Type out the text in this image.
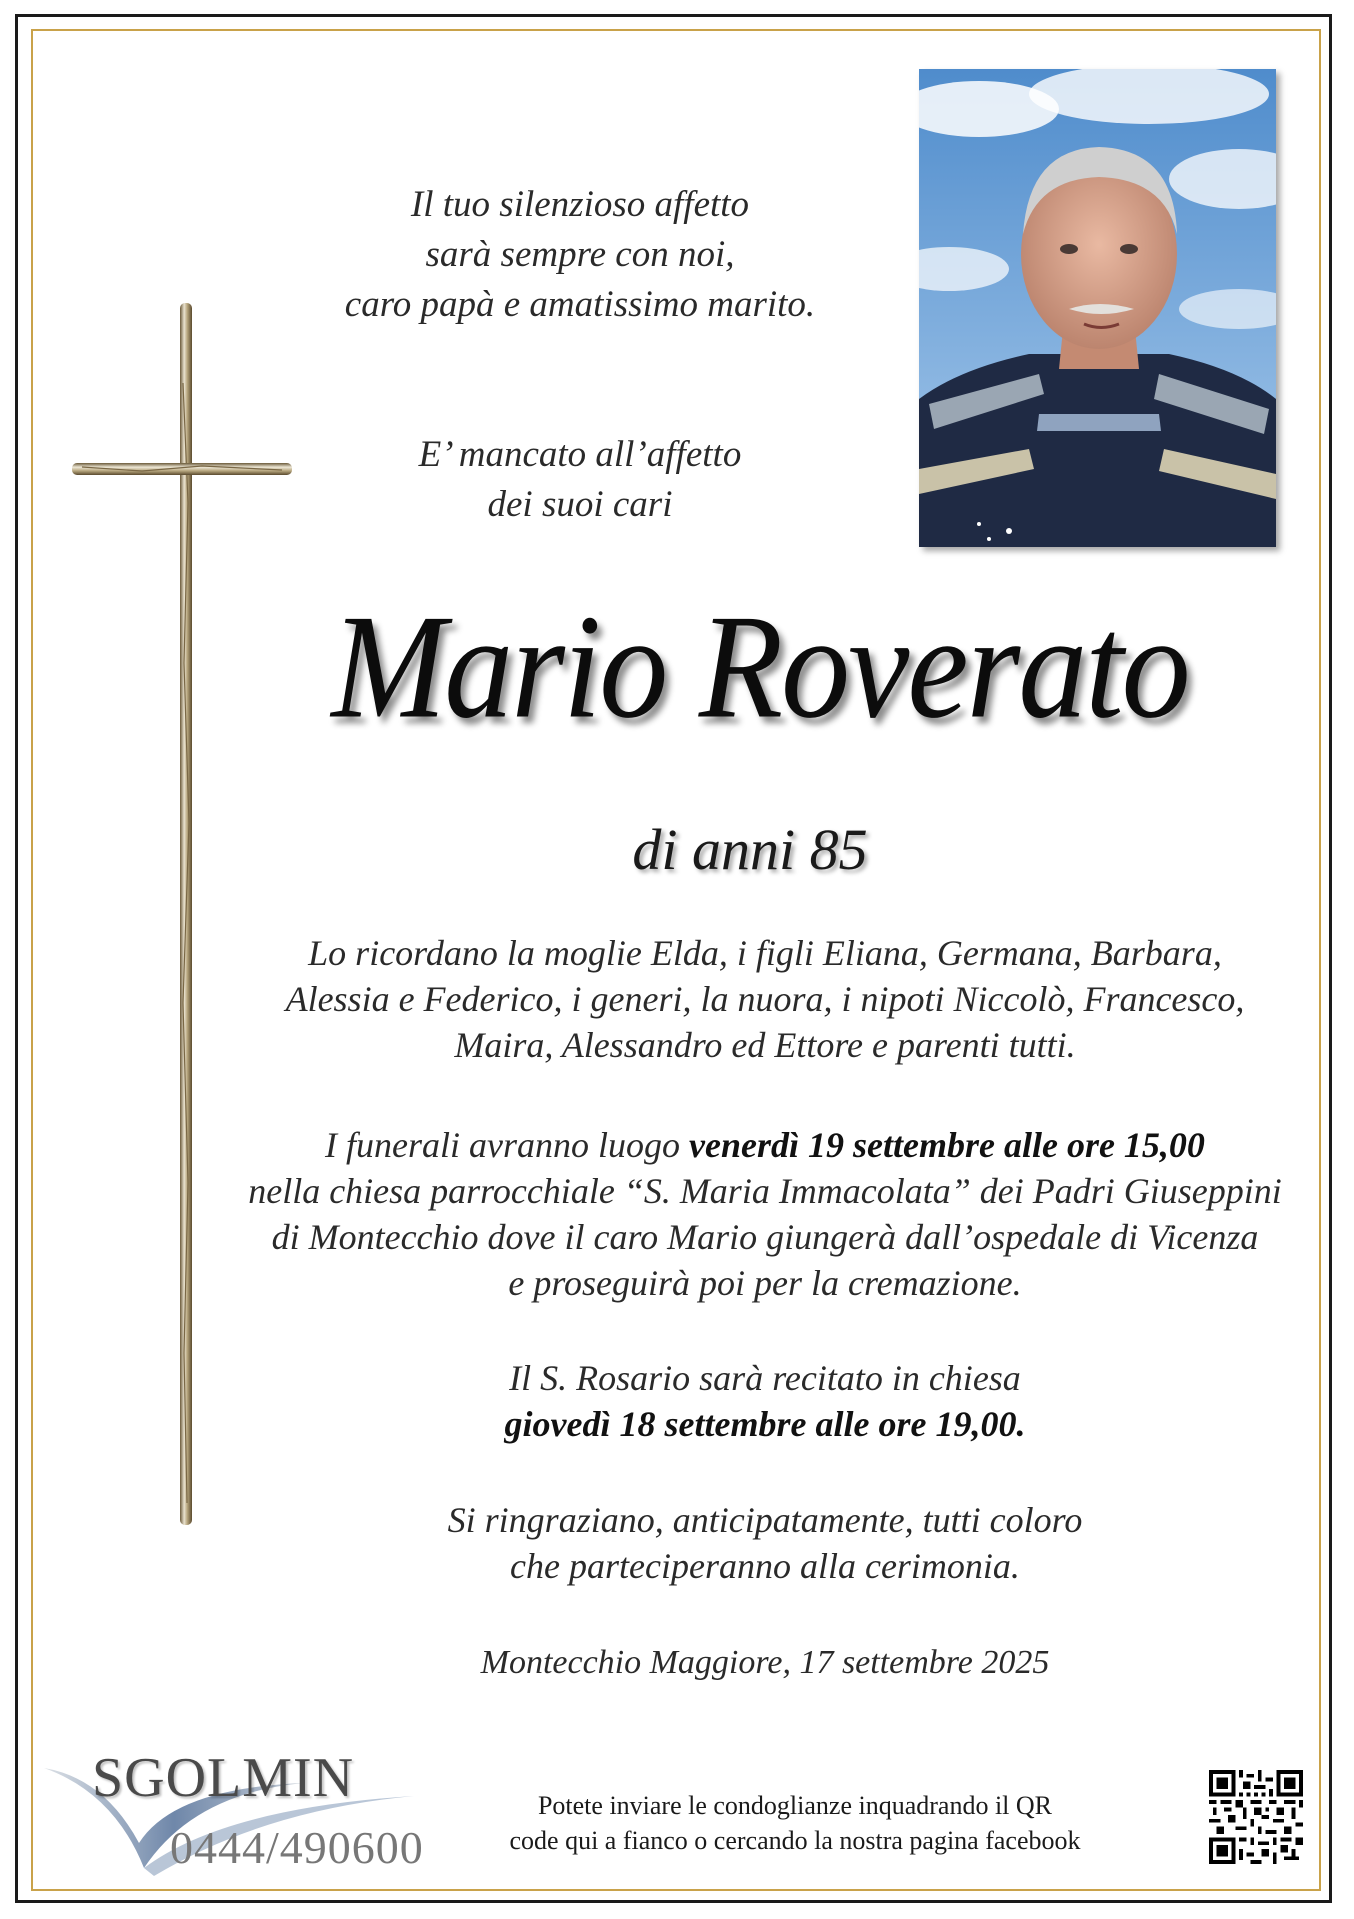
Il tuo silenzioso affetto

sarà sempre con noi,

caro papà e amatissimo marito.

E’ mancato all’affetto

dei suoi cari

Mario Roverato
di anni 85

Lo ricordano la moglie Elda, i figli Eliana, Germana, Barbara,

Alessia e Federico, i generi, la nuora, i nipoti Niccolò, Francesco,

Maira, Alessandro ed Ettore e parenti tutti.

I funerali avranno luogo venerdì 19 settembre alle ore 15,00

nella chiesa parrocchiale “S. Maria Immacolata” dei Padri Giuseppini

di Montecchio dove il caro Mario giungerà dall’ospedale di Vicenza

e proseguirà poi per la cremazione.

Il S. Rosario sarà recitato in chiesa

giovedì 18 settembre alle ore 19,00.

Si ringraziano, anticipatamente, tutti coloro

che parteciperanno alla cerimonia.

Montecchio Maggiore, 17 settembre 2025
SGOLMIN
0444/490600

Potete inviare le condoglianze inquadrando il QR

code qui a fianco o cercando la nostra pagina facebook
